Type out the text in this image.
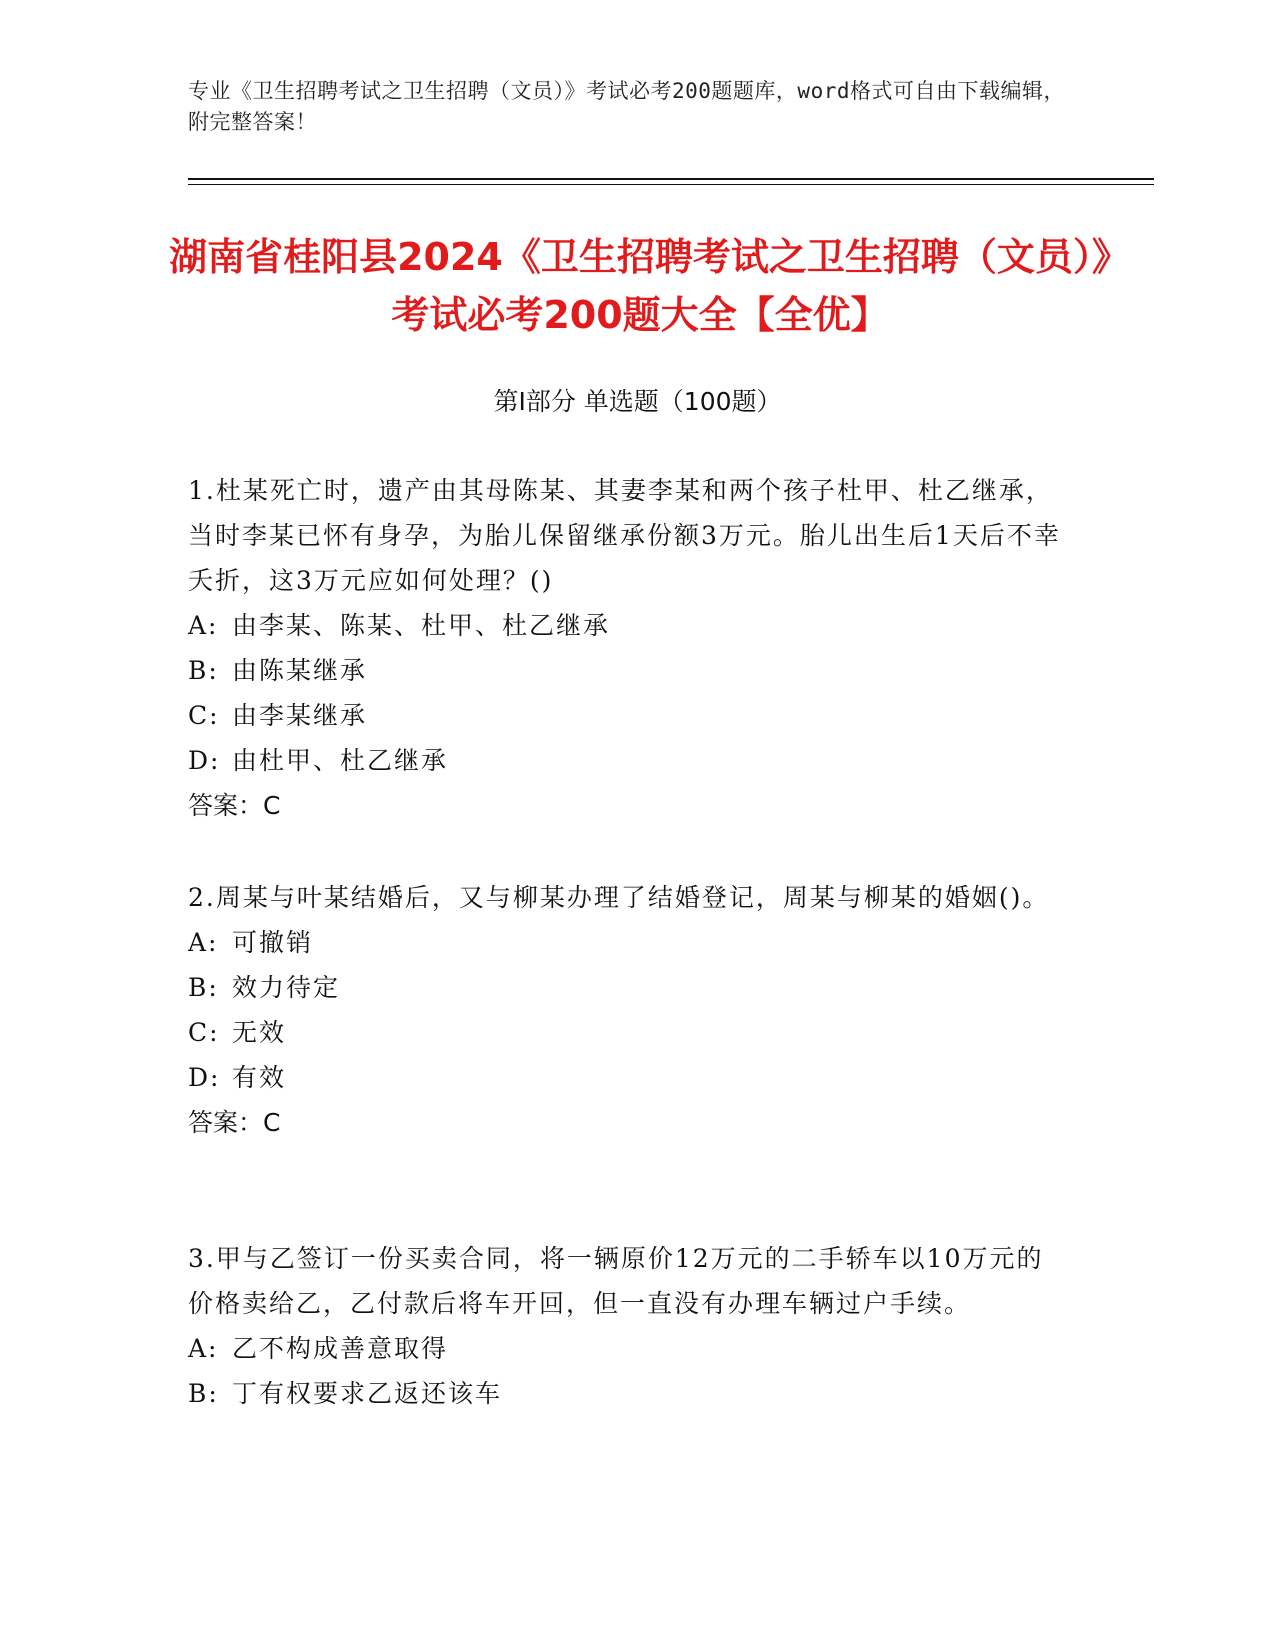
专业《卫生招聘考试之卫生招聘（文员）》考试必考200题题库，word格式可自由下载编辑，附完整答案！
湖南省桂阳县2024《卫生招聘考试之卫生招聘（文员）》考试必考200题大全【全优】
第Ⅰ部分 单选题（100题）

1.杜某死亡时，遗产由其母陈某、其妻李某和两个孩子杜甲、杜乙继承，当时李某已怀有身孕，为胎儿保留继承份额3万元。胎儿出生后1天后不幸夭折，这3万元应如何处理？()

A: 由李某、陈某、杜甲、杜乙继承
B: 由陈某继承
C: 由李某继承
D: 由杜甲、杜乙继承

答案：C

2.周某与叶某结婚后，又与柳某办理了结婚登记，周某与柳某的婚姻()。

A: 可撤销
B: 效力待定
C: 无效
D: 有效

答案：C

3.甲与乙签订一份买卖合同，将一辆原价12万元的二手轿车以10万元的价格卖给乙，乙付款后将车开回，但一直没有办理车辆过户手续。

A: 乙不构成善意取得
B: 丁有权要求乙返还该车
